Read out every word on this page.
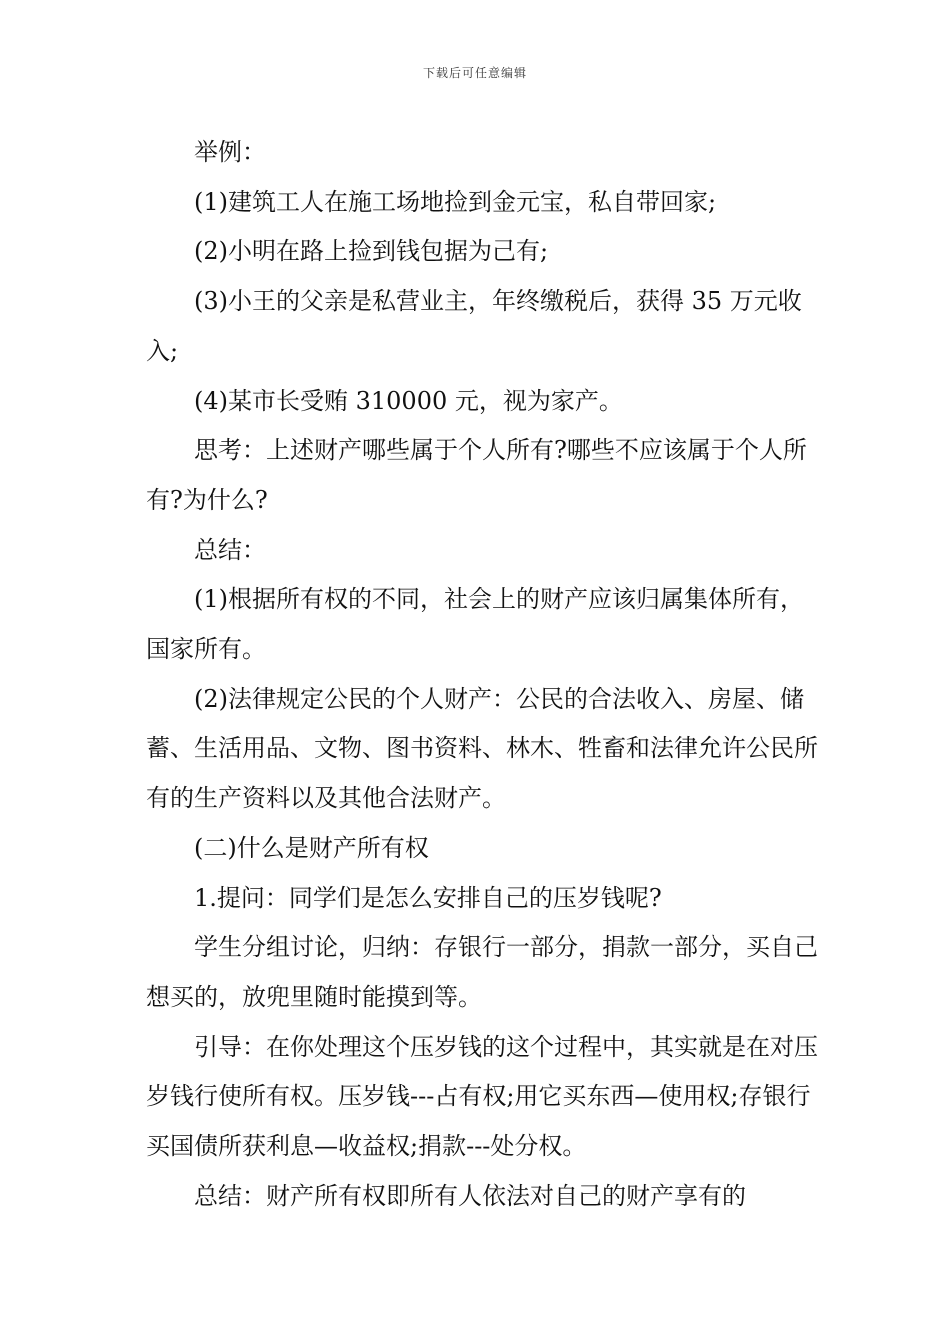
下载后可任意编辑

举例：

(1)建筑工人在施工场地捡到金元宝，私自带回家;

(2)小明在路上捡到钱包据为己有;

(3)小王的父亲是私营业主，年终缴税后，获得 35 万元收入;

(4)某市长受贿 310000 元，视为家产。

思考：上述财产哪些属于个人所有?哪些不应该属于个人所有?为什么?

总结：

(1)根据所有权的不同，社会上的财产应该归属集体所有，国家所有。

(2)法律规定公民的个人财产：公民的合法收入、房屋、储蓄、生活用品、文物、图书资料、林木、牲畜和法律允许公民所有的生产资料以及其他合法财产。

(二)什么是财产所有权

1.提问：同学们是怎么安排自己的压岁钱呢?

学生分组讨论，归纳：存银行一部分，捐款一部分，买自己想买的，放兜里随时能摸到等。

引导：在你处理这个压岁钱的这个过程中，其实就是在对压岁钱行使所有权。压岁钱---占有权;用它买东西—使用权;存银行买国债所获利息—收益权;捐款---处分权。

总结：财产所有权即所有人依法对自己的财产享有的
